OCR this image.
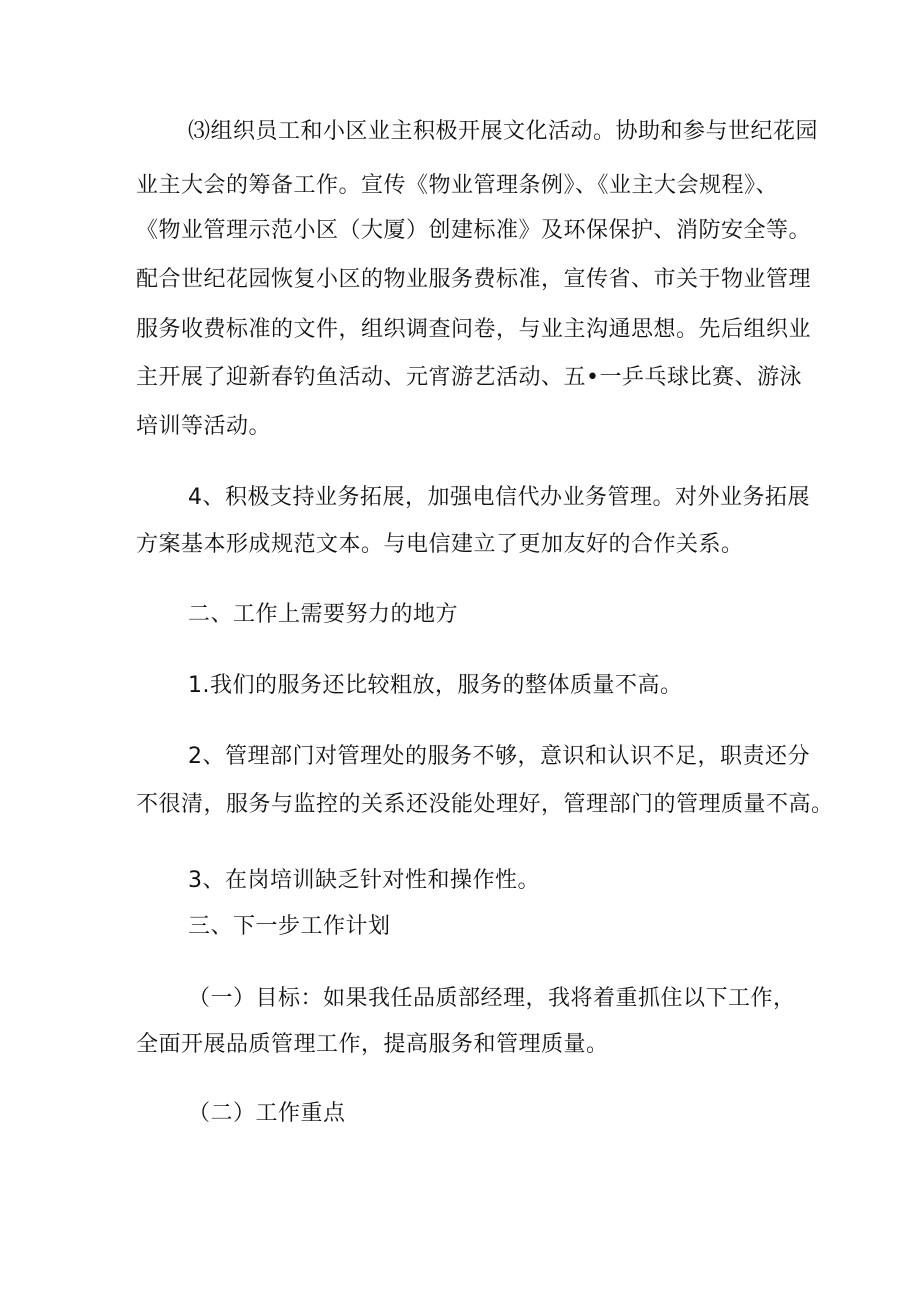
⑶组织员工和小区业主积极开展文化活动。协助和参与世纪花园
业主大会的筹备工作。宣传《物业管理条例》、《业主大会规程》、
《物业管理示范小区（大厦）创建标准》及环保保护、消防安全等。
配合世纪花园恢复小区的物业服务费标准，宣传省、市关于物业管理
服务收费标准的文件，组织调查问卷，与业主沟通思想。先后组织业
主开展了迎新春钓鱼活动、元宵游艺活动、五•一乒乓球比赛、游泳
培训等活动。
4、积极支持业务拓展，加强电信代办业务管理。对外业务拓展
方案基本形成规范文本。与电信建立了更加友好的合作关系。
二、工作上需要努力的地方
1.我们的服务还比较粗放，服务的整体质量不高。
2、管理部门对管理处的服务不够，意识和认识不足，职责还分
不很清，服务与监控的关系还没能处理好，管理部门的管理质量不高。
3、在岗培训缺乏针对性和操作性。
三、下一步工作计划
（一）目标：如果我任品质部经理，我将着重抓住以下工作，
全面开展品质管理工作，提高服务和管理质量。
（二）工作重点
